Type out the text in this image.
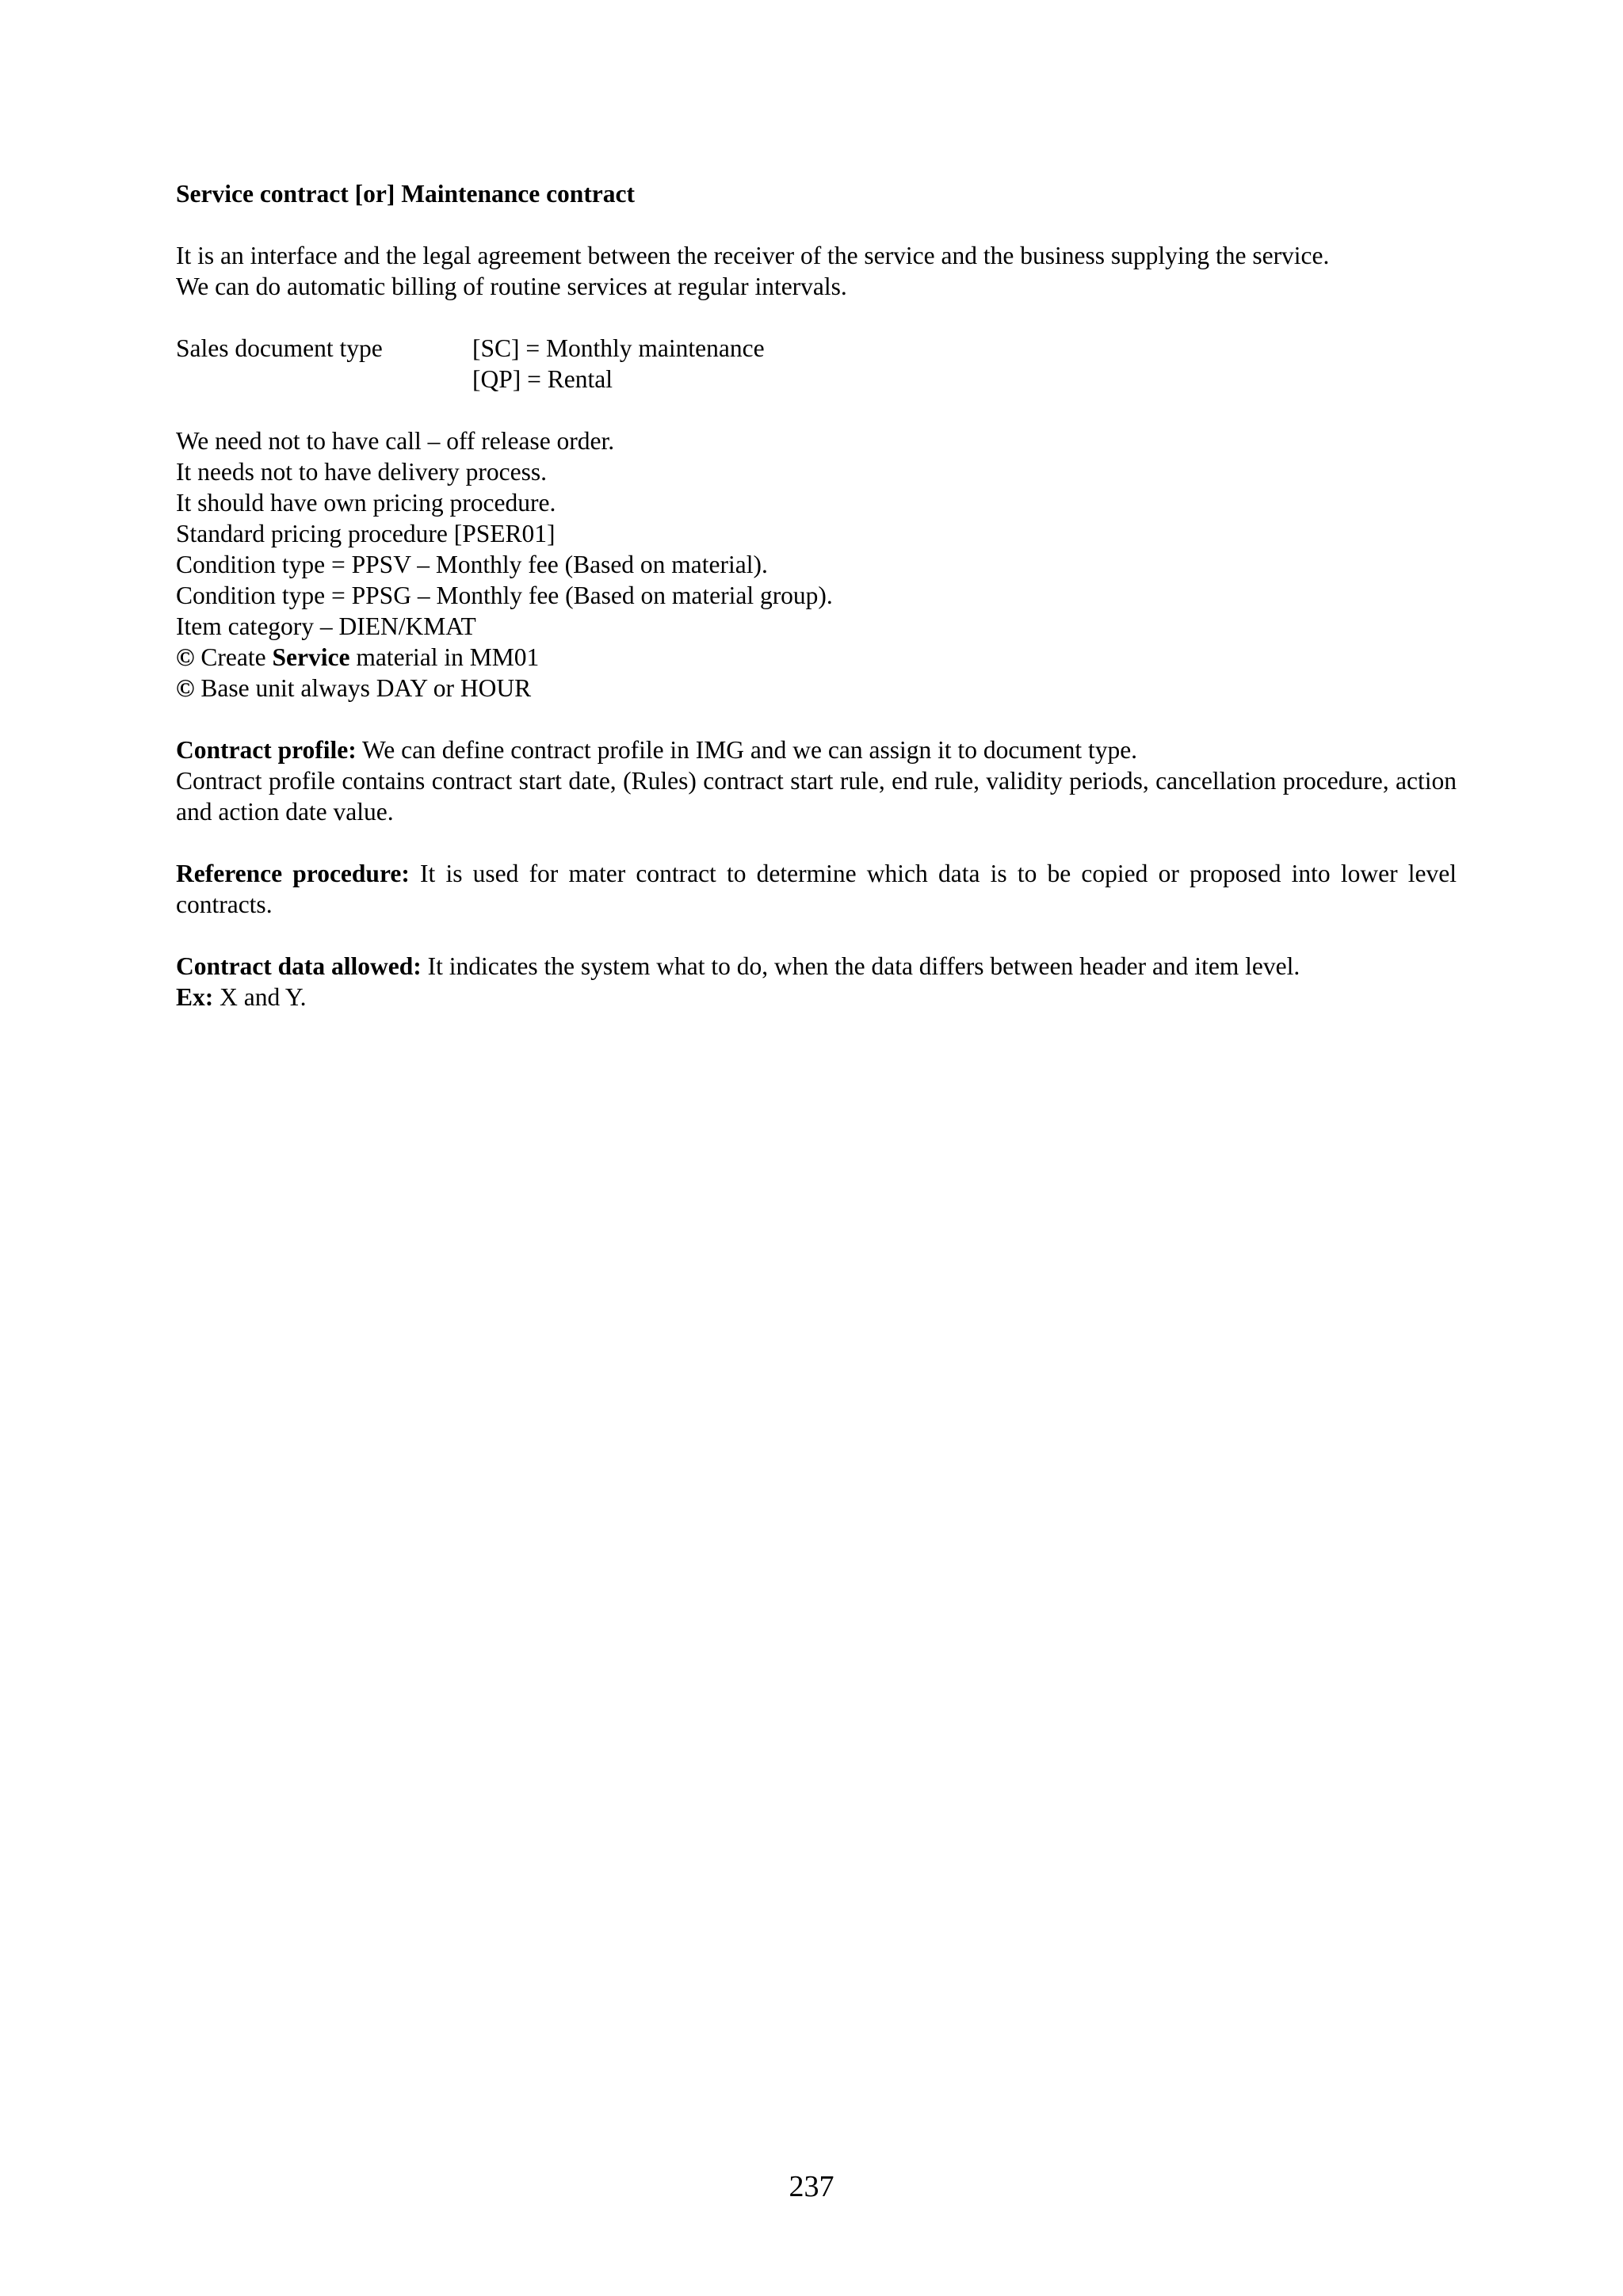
Service contract [or] Maintenance contract
It is an interface and the legal agreement between the receiver of the service and the business supplying the service.
We can do automatic billing of routine services at regular intervals.
Sales document type	[SC] = Monthly maintenance
[QP] = Rental
We need not to have call – off release order.
It needs not to have delivery process.
It should have own pricing procedure.
Standard pricing procedure [PSER01]
Condition type = PPSV – Monthly fee (Based on material).
Condition type = PPSG – Monthly fee (Based on material group).
Item category – DIEN/KMAT
© Create Service material in MM01
© Base unit always DAY or HOUR
Contract profile: We can define contract profile in IMG and we can assign it to document type.
Contract profile contains contract start date, (Rules) contract start rule, end rule, validity periods, cancellation procedure, action and action date value.
Reference procedure: It is used for mater contract to determine which data is to be copied or proposed into lower level contracts.
Contract data allowed: It indicates the system what to do, when the data differs between header and item level.
Ex: X and Y.
237
